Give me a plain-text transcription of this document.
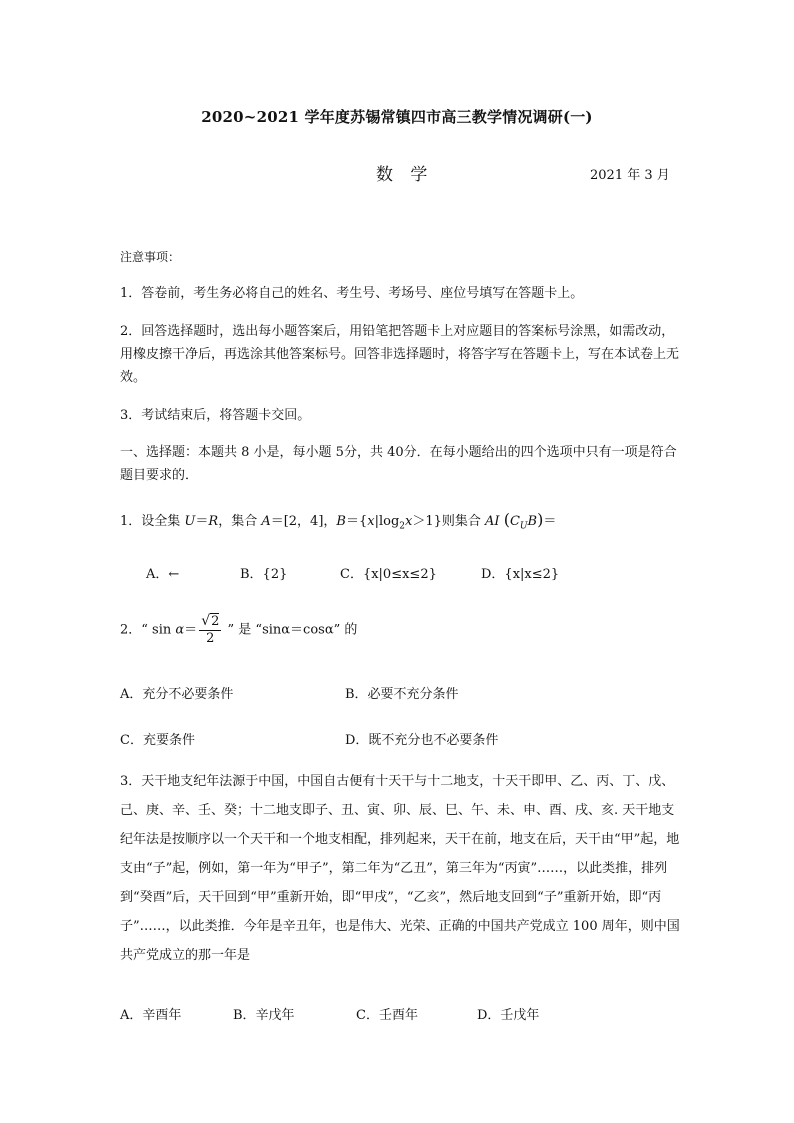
2020~2021 学年度苏锡常镇四市高三教学情况调研(一)
数 学	2021 年 3 月
注意事项：
1．答卷前，考生务必将自己的姓名、考生号、考场号、座位号填写在答题卡上。
2．回答选择题时，选出每小题答案后，用铅笔把答题卡上对应题目的答案标号涂黑，如需改动，用橡皮擦干净后，再选涂其他答案标号。回答非选择题时，将答字写在答题卡上，写在本试卷上无效。
3．考试结束后，将答题卡交回。
一、选择题：本题共 8 小是，每小题 5分，共 40分．在每小题给出的四个选项中只有一项是符合题目要求的．
1．设全集 U＝R，集合 A＝[2，4]，$B=\{x|\log_2x>1\}$则集合 AI $(C_UB)=$
A．←	B．{2}	C．{x|0≤x≤2}	D．{x|x≤2}
2．“ $\sin \alpha= \frac{√2}{2}$ ” 是 “sinα＝cosα” 的
A．充分不必要条件	B．必要不充分条件
C．充要条件	D．既不充分也不必要条件
3．天干地支纪年法源于中国，中国自古便有十天干与十二地支，十天干即甲、乙、丙、丁、戊、己、庚、辛、壬、癸；十二地支即子、丑、寅、卯、辰、巳、午、未、申、酉、戌、亥. 天干地支纪年法是按顺序以一个天干和一个地支相配，排列起来，天干在前，地支在后，天干由“甲”起，地支由“子”起，例如，第一年为“甲子”，第二年为“乙丑”，第三年为“丙寅”……，以此类推，排列到“癸酉”后，天干回到“甲”重新开始，即“甲戌”，“乙亥”，然后地支回到“子”重新开始，即“丙子”……，以此类推．今年是辛丑年，也是伟大、光荣、正确的中国共产党成立 100 周年，则中国共产党成立的那一年是
A．辛酉年	B．辛戊年	C．壬酉年	D．壬戊年
